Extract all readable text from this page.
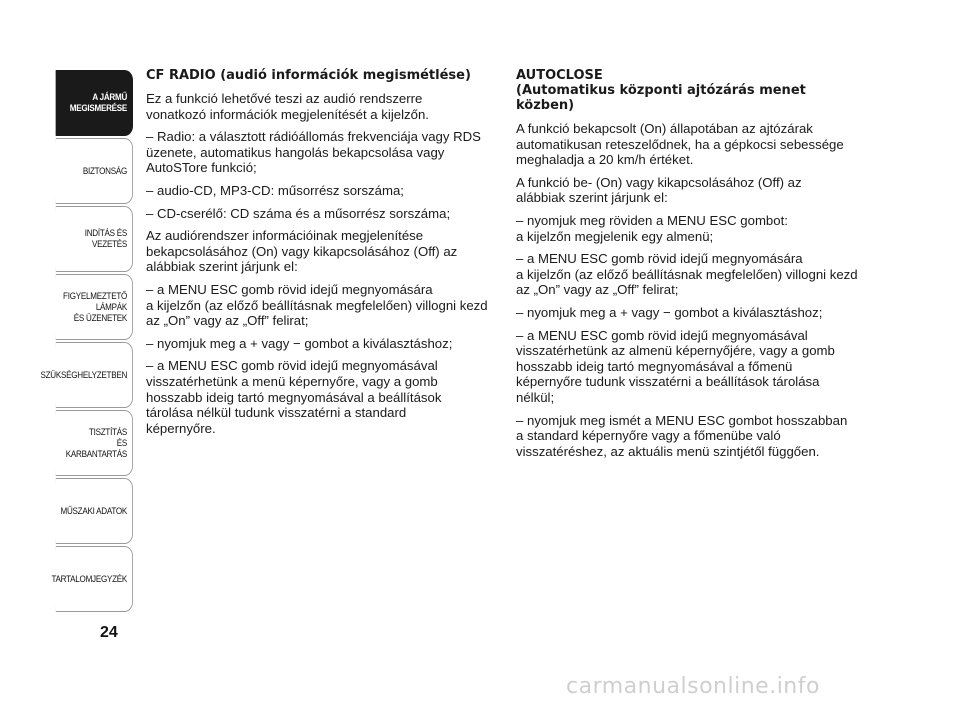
A JÁRMŰ
MEGISMERÉSE
BIZTONSÁG
INDÍTÁS ÉS VEZETÉS
FIGYELMEZTETŐ
LÁMPÁK
ÉS ÜZENETEK
SZÜKSÉGHELYZETBEN
TISZTÍTÁS
ÉS KARBANTARTÁS
MŰSZAKI ADATOK
TARTALOMJEGYZÉK
24

CF RADIO (audió információk megismétlése)

Ez a funkció lehetővé teszi az audió rendszerre
vonatkozó információk megjelenítését a kijelzőn.

– Radio: a választott rádióállomás frekvenciája vagy RDS
üzenete, automatikus hangolás bekapcsolása vagy
AutoSTore funkció;

– audio-CD, MP3-CD: műsorrész sorszáma;

– CD-cserélő: CD száma és a műsorrész sorszáma;

Az audiórendszer információinak megjelenítése
bekapcsolásához (On) vagy kikapcsolásához (Off) az
alábbiak szerint járjunk el:

– a MENU ESC gomb rövid idejű megnyomására
a kijelzőn (az előző beállításnak megfelelően) villogni kezd
az „On” vagy az „Off” felirat;

– nyomjuk meg a + vagy − gombot a kiválasztáshoz;

– a MENU ESC gomb rövid idejű megnyomásával
visszatérhetünk a menü képernyőre, vagy a gomb
hosszabb ideig tartó megnyomásával a beállítások
tárolása nélkül tudunk visszatérni a standard
képernyőre.

AUTOCLOSE
(Automatikus központi ajtózárás menet
közben)

A funkció bekapcsolt (On) állapotában az ajtózárak
automatikusan reteszelődnek, ha a gépkocsi sebessége
meghaladja a 20 km/h értéket.

A funkció be- (On) vagy kikapcsolásához (Off) az
alábbiak szerint járjunk el:

– nyomjuk meg röviden a MENU ESC gombot:
a kijelzőn megjelenik egy almenü;

– a MENU ESC gomb rövid idejű megnyomására
a kijelzőn (az előző beállításnak megfelelően) villogni kezd
az „On” vagy az „Off” felirat;

– nyomjuk meg a + vagy − gombot a kiválasztáshoz;

– a MENU ESC gomb rövid idejű megnyomásával
visszatérhetünk az almenü képernyőjére, vagy a gomb
hosszabb ideig tartó megnyomásával a főmenü
képernyőre tudunk visszatérni a beállítások tárolása
nélkül;

– nyomjuk meg ismét a MENU ESC gombot hosszabban
a standard képernyőre vagy a főmenübe való
visszatéréshez, az aktuális menü szintjétől függően.

carmanualsonline.info
